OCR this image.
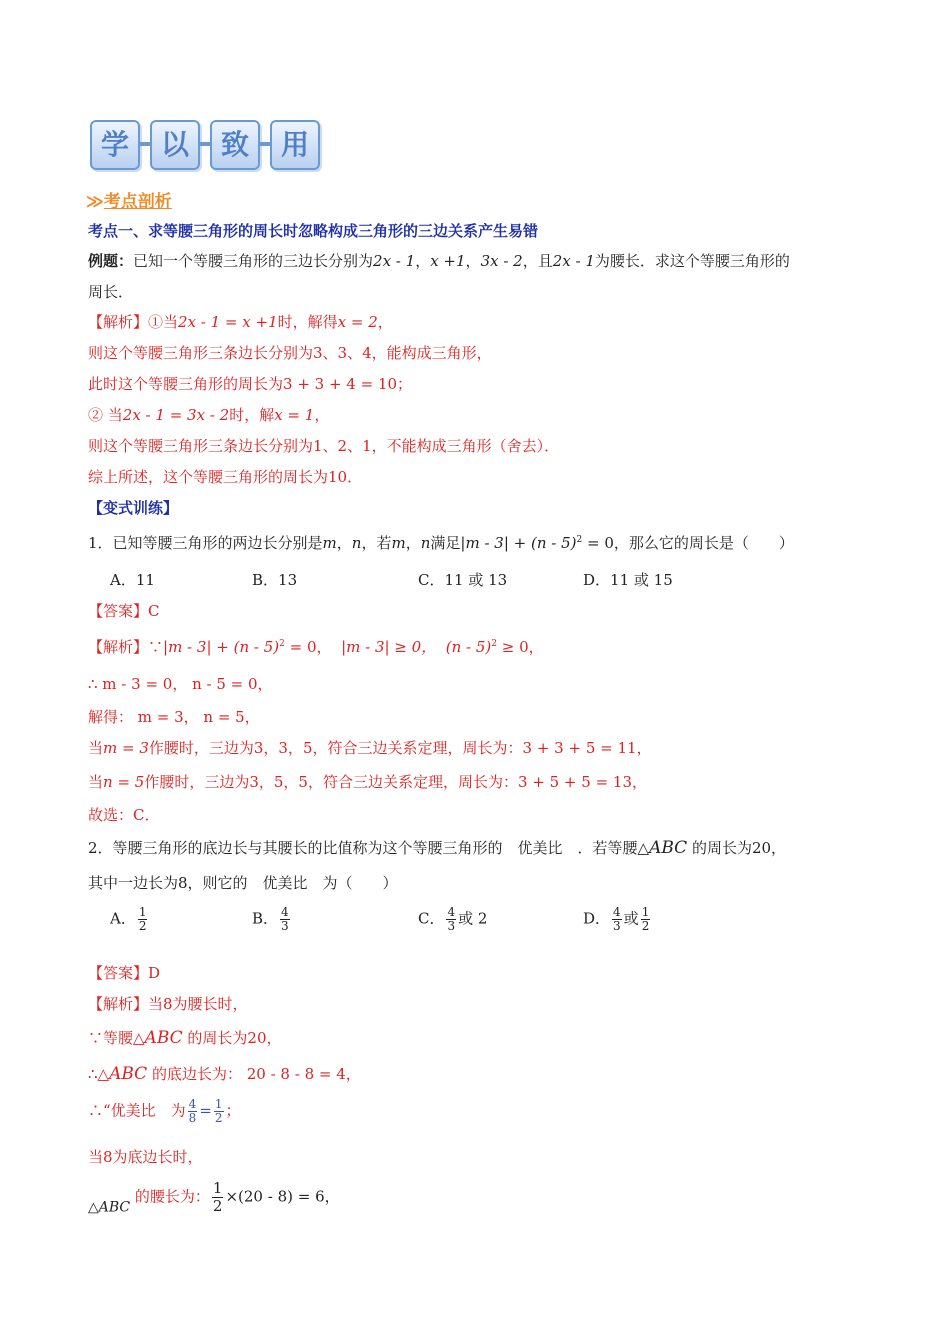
学	以	致	用
≫考点剖析
考点一、求等腰三角形的周长时忽略构成三角形的三边关系产生易错
例题：已知一个等腰三角形的三边长分别为2x - 1，x +1，3x - 2，且2x - 1为腰长．求这个等腰三角形的
周长．
【解析】①当2x - 1 = x +1时，解得x = 2，
则这个等腰三角形三条边长分别为3、3、4，能构成三角形，
此时这个等腰三角形的周长为3 + 3 + 4 = 10；
② 当2x - 1 = 3x - 2时，解x = 1，
则这个等腰三角形三条边长分别为1、2、1，不能构成三角形（舍去）．
综上所述，这个等腰三角形的周长为10．
【变式训练】
1．已知等腰三角形的两边长分别是m，n，若m，n满足|m - 3| + (n - 5)$^2$ = 0，那么它的周长是（　　）
A．11	B．13	C．11 或 13	D．11 或 15
【答案】C
【解析】∵|m - 3| + (n - 5)$^2$ = 0， |m - 3| ≥ 0， (n - 5)$^2$ ≥ 0，
∴ m - 3 = 0， n - 5 = 0，
解得： m = 3， n = 5，
当m = 3作腰时，三边为3，3，5，符合三边关系定理，周长为：3 + 3 + 5 = 11，
当n = 5作腰时，三边为3，5，5，符合三边关系定理，周长为：3 + 5 + 5 = 13，
故选：C．
2．等腰三角形的底边长与其腰长的比值称为这个等腰三角形的　优美比　．若等腰△ABC 的周长为20，
其中一边长为8，则它的　优美比　为（　　）
A． $\frac{1}{2}$	B． $\frac{4}{3}$	C． $\frac{4}{3}$ 或 2	D． $\frac{4}{3}$ 或 $\frac{1}{2}$
【答案】D
【解析】当8为腰长时，
∵等腰△ABC 的周长为20，
∴△ABC 的底边长为： 20 - 8 - 8 = 4，
∴“优美比　为 $\frac{4}{8} = \frac{1}{2}$ ；
当8为底边长时，
△ABC 的腰长为： $\frac{1}{2} \times(20 - 8) = 6$，
